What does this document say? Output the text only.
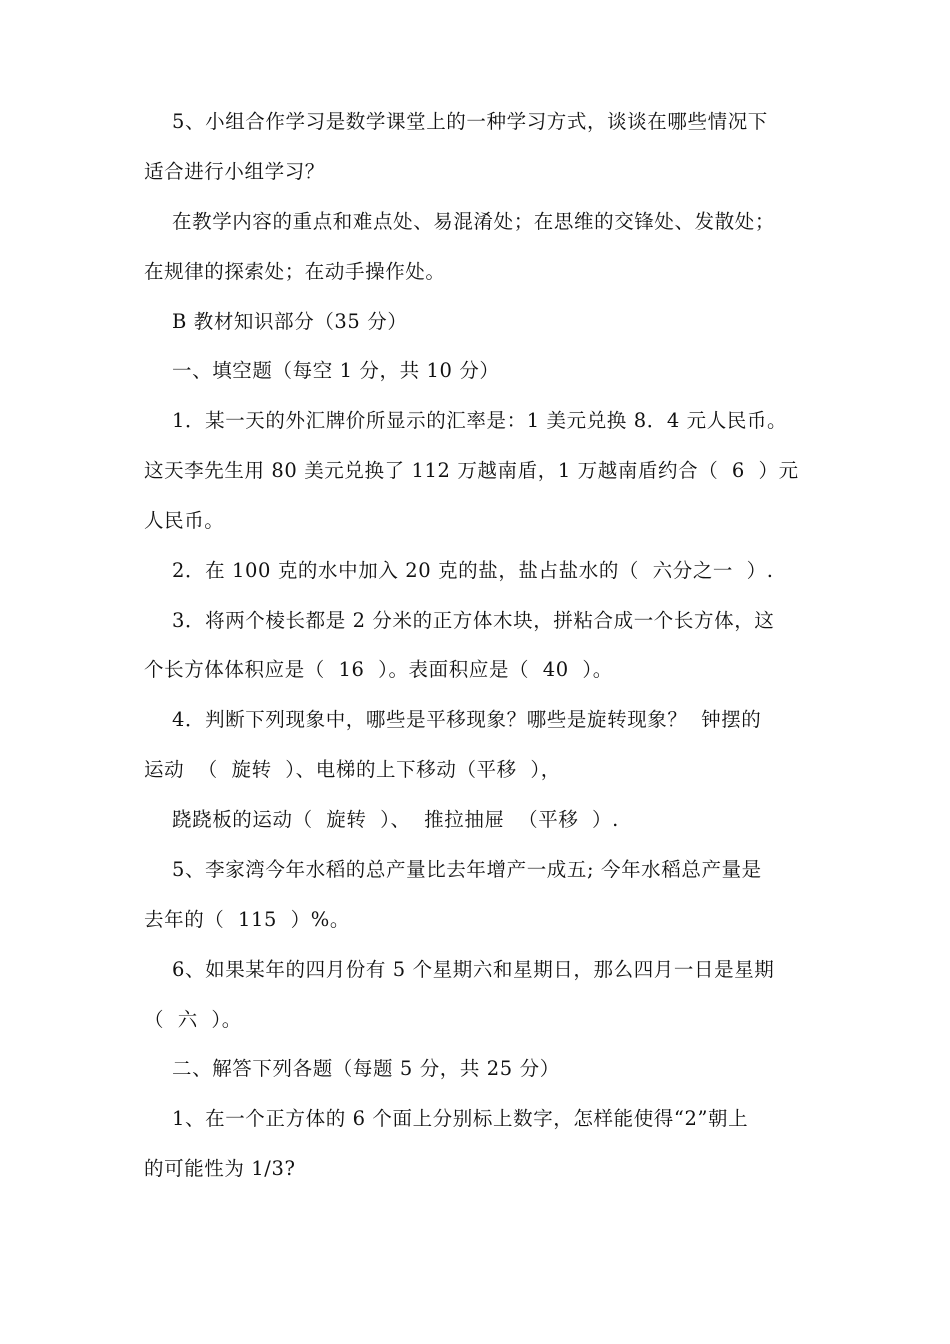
5、小组合作学习是数学课堂上的一种学习方式，谈谈在哪些情况下
适合进行小组学习？
在教学内容的重点和难点处、易混淆处；在思维的交锋处、发散处；
在规律的探索处；在动手操作处。
B 教材知识部分（35 分）
一、填空题（每空 1 分，共 10 分）
1．某一天的外汇牌价所显示的汇率是：1 美元兑换 8．4 元人民币。
这天李先生用 80 美元兑换了 112 万越南盾，1 万越南盾约合（  6  ）元
人民币。
2．在 100 克的水中加入 20 克的盐，盐占盐水的（  六分之一  ）.
3．将两个棱长都是 2 分米的正方体木块，拼粘合成一个长方体，这
个长方体体积应是（  16  ）。表面积应是（  40  ）。
4．判断下列现象中，哪些是平移现象？哪些是旋转现象？  钟摆的
运动  （  旋转  ）、电梯的上下移动（平移  ），
跷跷板的运动（  旋转  ）、  推拉抽屉  （平移  ）.
5、李家湾今年水稻的总产量比去年增产一成五; 今年水稻总产量是
去年的（  115  ）%。
6、如果某年的四月份有 5 个星期六和星期日，那么四月一日是星期
（  六  ）。
二、解答下列各题（每题 5 分，共 25 分）
1、在一个正方体的 6 个面上分别标上数字，怎样能使得“2”朝上
的可能性为 1/3?
